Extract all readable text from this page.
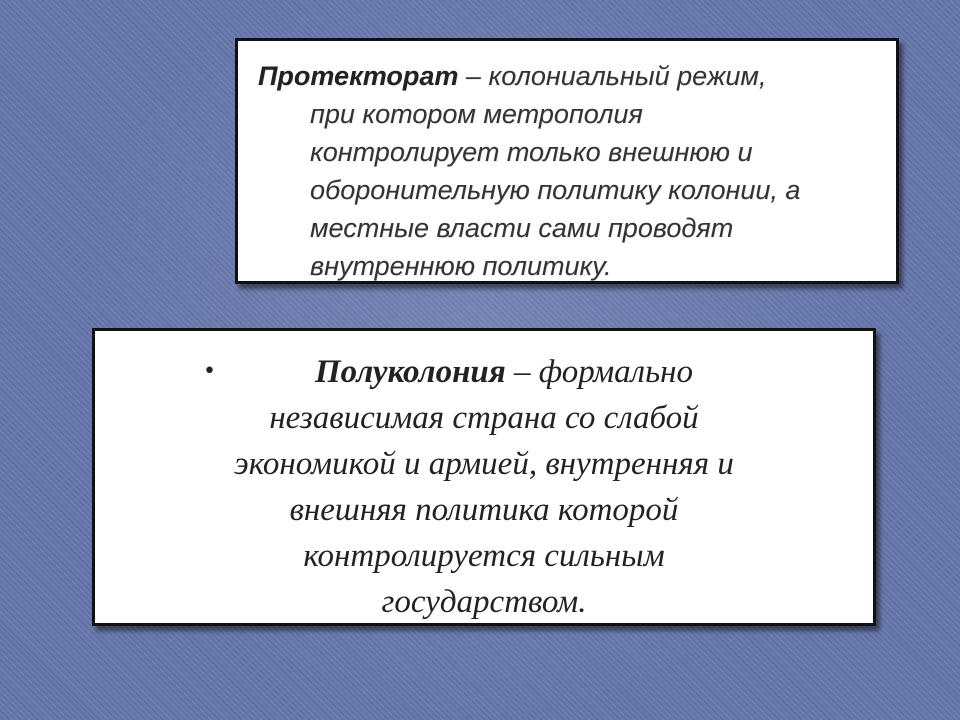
Протекторат – колониальный режим,
при котором метрополия
контролирует только внешнюю и
оборонительную политику колонии, а
местные власти сами проводят
внутреннюю политику.

•	Полуколония – формально
независимая страна со слабой
экономикой и армией, внутренняя и
внешняя политика которой
контролируется сильным
государством.
